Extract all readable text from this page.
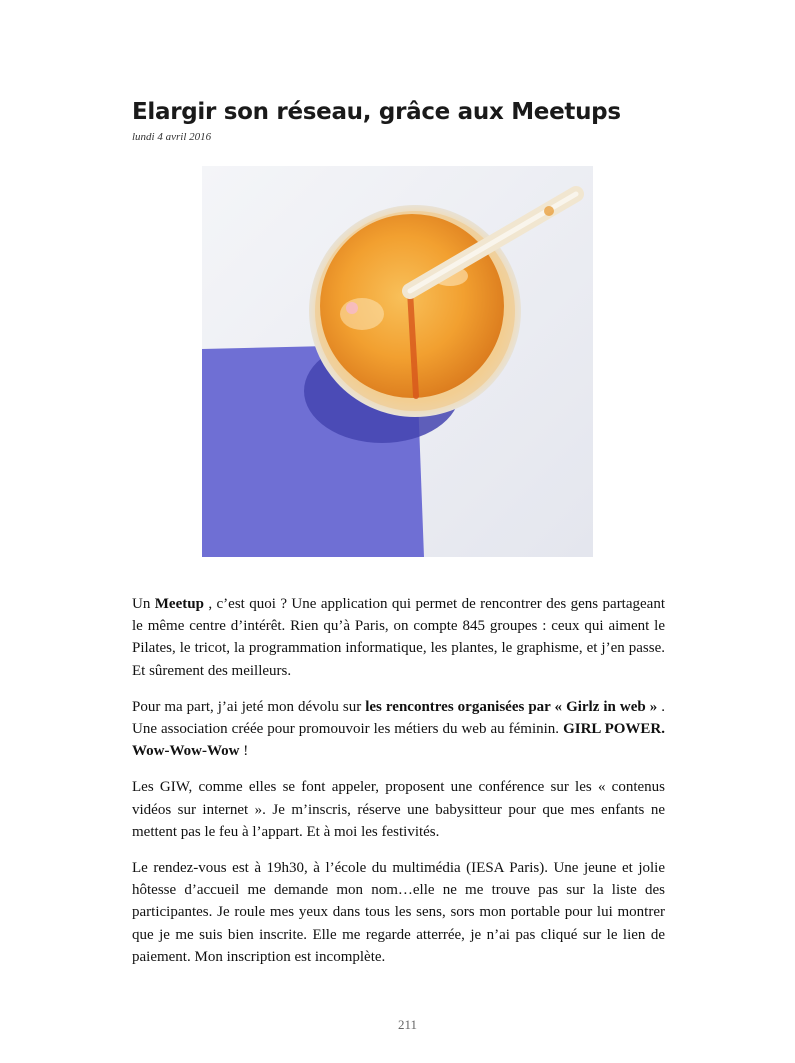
Elargir son réseau, grâce aux Meetups
lundi 4 avril 2016

Un Meetup , c’est quoi ? Une application qui permet de rencontrer des gens partageant le même centre d’intérêt. Rien qu’à Paris, on compte 845 groupes : ceux qui aiment le Pilates, le tricot, la programmation informatique, les plantes, le graphisme, et j’en passe. Et sûrement des meilleurs.

Pour ma part, j’ai jeté mon dévolu sur les rencontres organisées par « Girlz in web » . Une association créée pour promouvoir les métiers du web au féminin. GIRL POWER. Wow-Wow-Wow !

Les GIW, comme elles se font appeler, proposent une conférence sur les « contenus vidéos sur internet ». Je m’inscris, réserve une babysitteur pour que mes enfants ne mettent pas le feu à l’appart. Et à moi les festivités.

Le rendez-vous est à 19h30, à l’école du multimédia (IESA Paris). Une jeune et jolie hôtesse d’accueil me demande mon nom…elle ne me trouve pas sur la liste des participantes. Je roule mes yeux dans tous les sens, sors mon portable pour lui montrer que je me suis bien inscrite. Elle me regarde atterrée, je n’ai pas cliqué sur le lien de paiement. Mon inscription est incomplète.

211
